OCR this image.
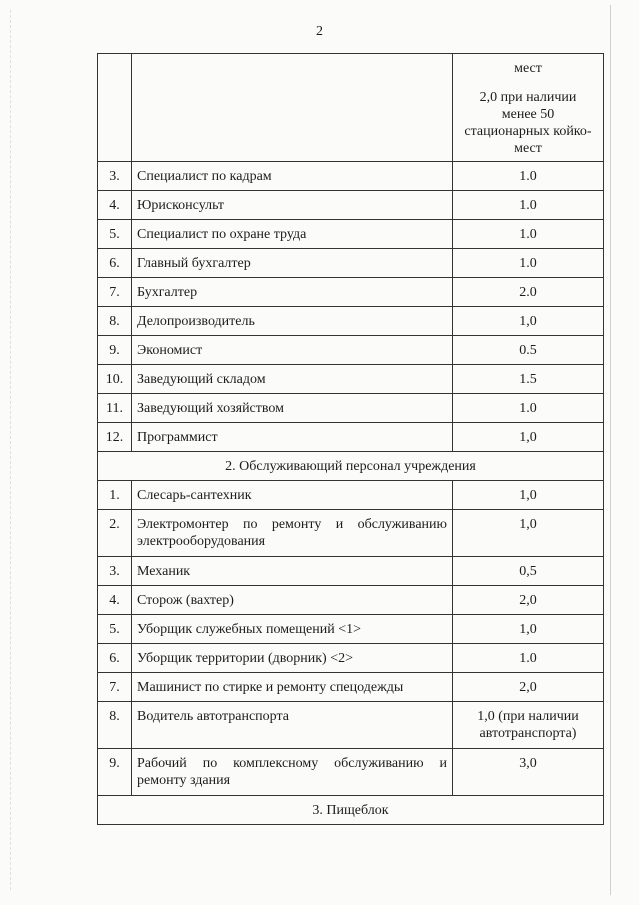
2

		мест
2,0 при наличии
менее 50
стационарных койко-
мест

3.	Специалист по кадрам	1.0
4.	Юрисконсульт	1.0
5.	Специалист по охране труда	1.0
6.	Главный бухгалтер	1.0
7.	Бухгалтер	2.0
8.	Делопроизводитель	1,0
9.	Экономист	0.5
10.	Заведующий складом	1.5
11.	Заведующий хозяйством	1.0
12.	Программист	1,0
2. Обслуживающий персонал учреждения		
1.	Слесарь-сантехник	1,0
2.	Электромонтер по ремонту и обслуживанию электрооборудования	1,0
3.	Механик	0,5
4.	Сторож (вахтер)	2,0
5.	Уборщик служебных помещений <1>	1,0
6.	Уборщик территории (дворник) <2>	1.0
7.	Машинист по стирке и ремонту спецодежды	2,0
8.	Водитель автотранспорта	1,0 (при наличии автотранспорта)
9.	Рабочий по комплексному обслуживанию и ремонту здания	3,0
3. Пищеблок		
